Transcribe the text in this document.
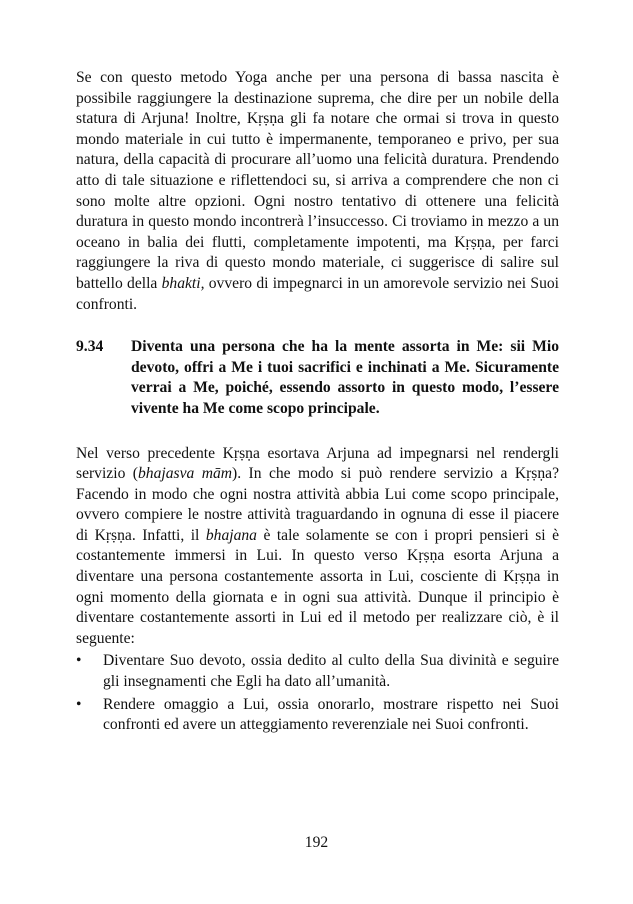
Se con questo metodo Yoga anche per una persona di bassa nascita è possibile raggiungere la destinazione suprema, che dire per un nobile della statura di Arjuna! Inoltre, Kṛṣṇa gli fa notare che ormai si trova in questo mondo materiale in cui tutto è impermanente, temporaneo e privo, per sua natura, della capacità di procurare all’uomo una felicità duratura. Prendendo atto di tale situazione e riflettendoci su, si arriva a comprendere che non ci sono molte altre opzioni. Ogni nostro tentativo di ottenere una felicità duratura in questo mondo incontrerà l’insuccesso. Ci troviamo in mezzo a un oceano in balia dei flutti, completamente impotenti, ma Kṛṣṇa, per farci raggiungere la riva di questo mondo materiale, ci suggerisce di salire sul battello della bhakti, ovvero di impegnarci in un amorevole servizio nei Suoi confronti.

9.34	Diventa una persona che ha la mente assorta in Me: sii Mio devoto, offri a Me i tuoi sacrifici e inchinati a Me. Sicuramente verrai a Me, poiché, essendo assorto in questo modo, l’essere vivente ha Me come scopo principale.

Nel verso precedente Kṛṣṇa esortava Arjuna ad impegnarsi nel rendergli servizio (bhajasva mām). In che modo si può rendere servizio a Kṛṣṇa? Facendo in modo che ogni nostra attività abbia Lui come scopo principale, ovvero compiere le nostre attività traguardando in ognuna di esse il piacere di Kṛṣṇa. Infatti, il bhajana è tale solamente se con i propri pensieri si è costantemente immersi in Lui. In questo verso Kṛṣṇa esorta Arjuna a diventare una persona costantemente assorta in Lui, cosciente di Kṛṣṇa in ogni momento della giornata e in ogni sua attività. Dunque il principio è diventare costantemente assorti in Lui ed il metodo per realizzare ciò, è il seguente:

• Diventare Suo devoto, ossia dedito al culto della Sua divinità e seguire gli insegnamenti che Egli ha dato all’umanità.
• Rendere omaggio a Lui, ossia onorarlo, mostrare rispetto nei Suoi confronti ed avere un atteggiamento reverenziale nei Suoi confronti.
192
